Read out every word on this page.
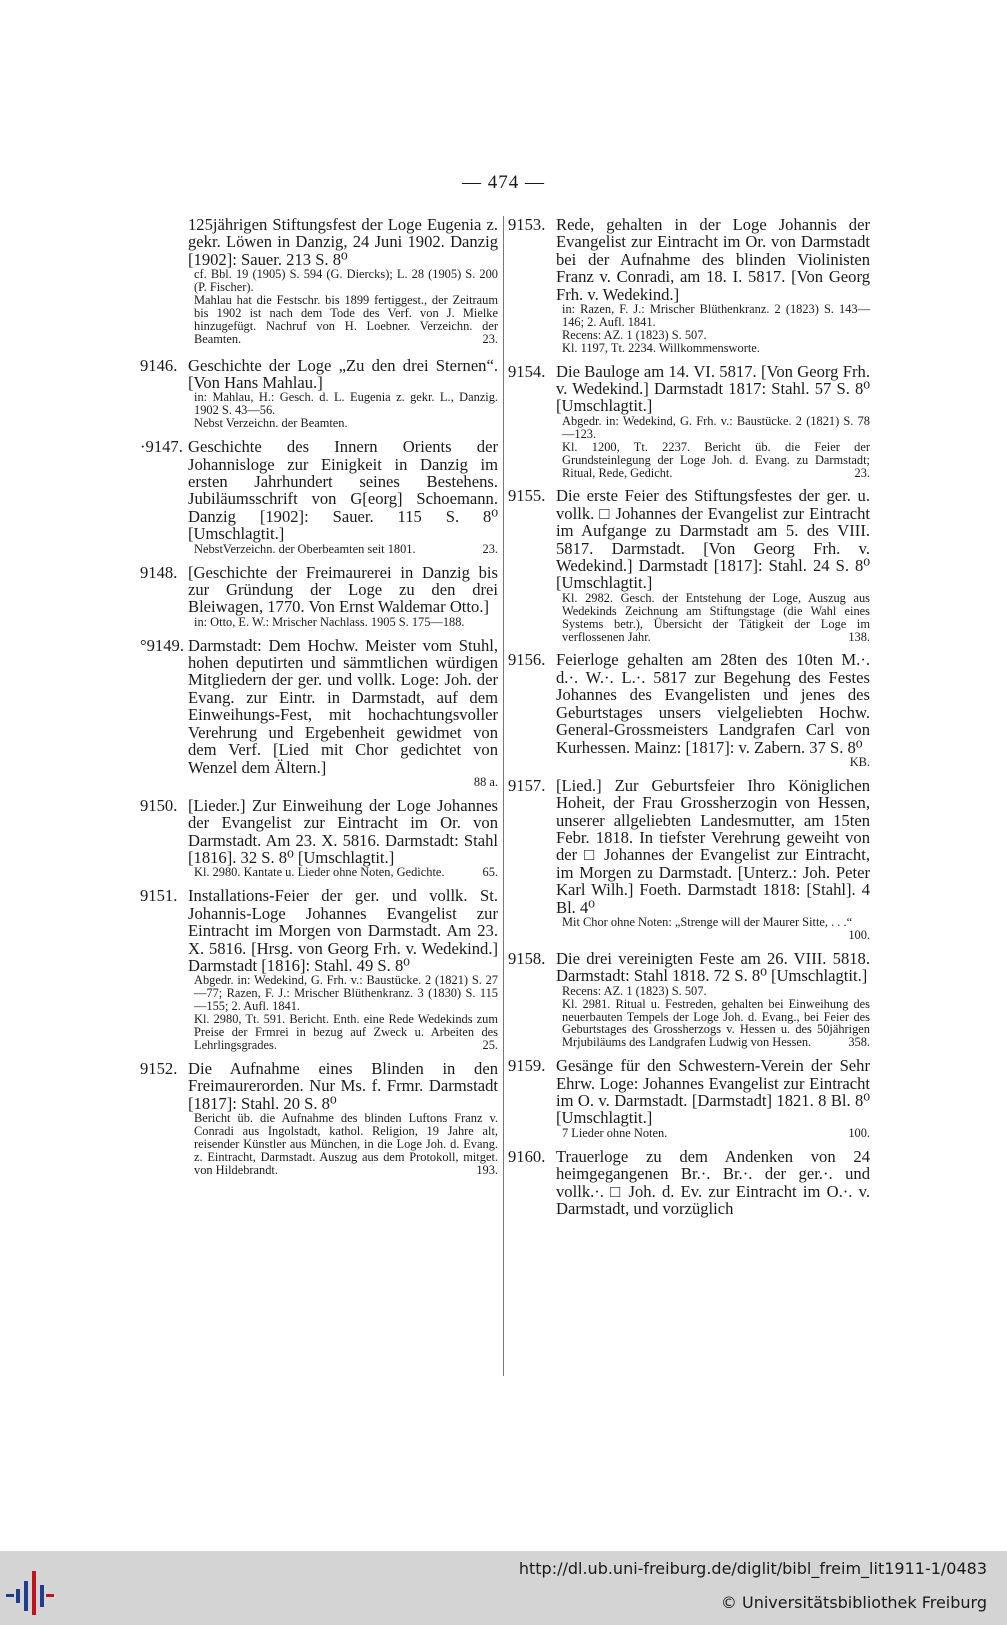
— 474 —
125jährigen Stiftungsfest der Loge Eugenia z. gekr. Löwen in Danzig, 24 Juni 1902. Danzig [1902]: Sauer. 213 S. 8⁰
cf. Bbl. 19 (1905) S. 594 (G. Diercks); L. 28 (1905) S. 200 (P. Fischer).
Mahlau hat die Festschr. bis 1899 fertiggest., der Zeitraum bis 1902 ist nach dem Tode des Verf. von J. Mielke hinzugefügt. Nachruf von H. Loebner. Verzeichn. der Beamten.	23.
9146. Geschichte der Loge „Zu den drei Sternen“. [Von Hans Mahlau.]
in: Mahlau, H.: Gesch. d. L. Eugenia z. gekr. L., Danzig. 1902 S. 43—56.
Nebst Verzeichn. der Beamten.
·9147. Geschichte des Innern Orients der Johannisloge zur Einigkeit in Danzig im ersten Jahrhundert seines Bestehens. Jubiläumsschrift von G[eorg] Schoemann. Danzig [1902]: Sauer. 115 S. 8⁰ [Umschlagtit.]
NebstVerzeichn. der Oberbeamten seit 1801.	23.
9148. [Geschichte der Freimaurerei in Danzig bis zur Gründung der Loge zu den drei Bleiwagen, 1770. Von Ernst Waldemar Otto.]
in: Otto, E. W.: Mrischer Nachlass. 1905 S. 175—188.
°9149. Darmstadt: Dem Hochw. Meister vom Stuhl, hohen deputirten und sämmtlichen würdigen Mitgliedern der ger. und vollk. Loge: Joh. der Evang. zur Eintr. in Darmstadt, auf dem Einweihungs-Fest, mit hochachtungsvoller Verehrung und Ergebenheit gewidmet von dem Verf. [Lied mit Chor gedichtet von Wenzel dem Ältern.]
88 a.
9150. [Lieder.] Zur Einweihung der Loge Johannes der Evangelist zur Eintracht im Or. von Darmstadt. Am 23. X. 5816. Darmstadt: Stahl [1816]. 32 S. 8⁰ [Umschlagtit.]
Kl. 2980. Kantate u. Lieder ohne Noten, Gedichte.	65.
9151. Installations-Feier der ger. und vollk. St. Johannis-Loge Johannes Evangelist zur Eintracht im Morgen von Darmstadt. Am 23. X. 5816. [Hrsg. von Georg Frh. v. Wedekind.] Darmstadt [1816]: Stahl. 49 S. 8⁰
Abgedr. in: Wedekind, G. Frh. v.: Baustücke. 2 (1821) S. 27—77; Razen, F. J.: Mrischer Blüthenkranz. 3 (1830) S. 115—155; 2. Aufl. 1841.
Kl. 2980, Tt. 591. Bericht. Enth. eine Rede Wedekinds zum Preise der Frmrei in bezug auf Zweck u. Arbeiten des Lehrlingsgrades.	25.
9152. Die Aufnahme eines Blinden in den Freimaurerorden. Nur Ms. f. Frmr. Darmstadt [1817]: Stahl. 20 S. 8⁰
Bericht üb. die Aufnahme des blinden Luftons Franz v. Conradi aus Ingolstadt, kathol. Religion, 19 Jahre alt, reisender Künstler aus München, in die Loge Joh. d. Evang. z. Eintracht, Darmstadt. Auszug aus dem Protokoll, mitget. von Hildebrandt.	193.
9153. Rede, gehalten in der Loge Johannis der Evangelist zur Eintracht im Or. von Darmstadt bei der Aufnahme des blinden Violinisten Franz v. Conradi, am 18. I. 5817. [Von Georg Frh. v. Wedekind.]
in: Razen, F. J.: Mrischer Blüthenkranz. 2 (1823) S. 143—146; 2. Aufl. 1841.
Recens: AZ. 1 (1823) S. 507.
Kl. 1197, Tt. 2234. Willkommensworte.
9154. Die Bauloge am 14. VI. 5817. [Von Georg Frh. v. Wedekind.] Darmstadt 1817: Stahl. 57 S. 8⁰ [Umschlagtit.]
Abgedr. in: Wedekind, G. Frh. v.: Baustücke. 2 (1821) S. 78—123.
Kl. 1200, Tt. 2237. Bericht üb. die Feier der Grundsteinlegung der Loge Joh. d. Evang. zu Darmstadt; Ritual, Rede, Gedicht.	23.
9155. Die erste Feier des Stiftungsfestes der ger. u. vollk. □ Johannes der Evangelist zur Eintracht im Aufgange zu Darmstadt am 5. des VIII. 5817. Darmstadt. [Von Georg Frh. v. Wedekind.] Darmstadt [1817]: Stahl. 24 S. 8⁰ [Umschlagtit.]
Kl. 2982. Gesch. der Entstehung der Loge, Auszug aus Wedekinds Zeichnung am Stiftungstage (die Wahl eines Systems betr.), Übersicht der Tätigkeit der Loge im verflossenen Jahr.	138.
9156. Feierloge gehalten am 28ten des 10ten M.·. d.·. W.·. L.·. 5817 zur Begehung des Festes Johannes des Evangelisten und jenes des Geburtstages unsers vielgeliebten Hochw. General-Grossmeisters Landgrafen Carl von Kurhessen. Mainz: [1817]: v. Zabern. 37 S. 8⁰
KB.
9157. [Lied.] Zur Geburtsfeier Ihro Königlichen Hoheit, der Frau Grossherzogin von Hessen, unserer allgeliebten Landesmutter, am 15ten Febr. 1818. In tiefster Verehrung geweiht von der □ Johannes der Evangelist zur Eintracht, im Morgen zu Darmstadt. [Unterz.: Joh. Peter Karl Wilh.] Foeth. Darmstadt 1818: [Stahl]. 4 Bl. 4⁰
Mit Chor ohne Noten: „Strenge will der Maurer Sitte, . . .“
100.
9158. Die drei vereinigten Feste am 26. VIII. 5818. Darmstadt: Stahl 1818. 72 S. 8⁰ [Umschlagtit.]
Recens: AZ. 1 (1823) S. 507.
Kl. 2981. Ritual u. Festreden, gehalten bei Einweihung des neuerbauten Tempels der Loge Joh. d. Evang., bei Feier des Geburtstages des Grossherzogs v. Hessen u. des 50jährigen Mrjubiläums des Landgrafen Ludwig von Hessen.	358.
9159. Gesänge für den Schwestern-Verein der Sehr Ehrw. Loge: Johannes Evangelist zur Eintracht im O. v. Darmstadt. [Darmstadt] 1821. 8 Bl. 8⁰ [Umschlagtit.]
7 Lieder ohne Noten.	100.
9160. Trauerloge zu dem Andenken von 24 heimgegangenen Br.·. Br.·. der ger.·. und vollk.·. □ Joh. d. Ev. zur Eintracht im O.·. v. Darmstadt, und vorzüglich
http://dl.ub.uni-freiburg.de/diglit/bibl_freim_lit1911-1/0483
© Universitätsbibliothek Freiburg
